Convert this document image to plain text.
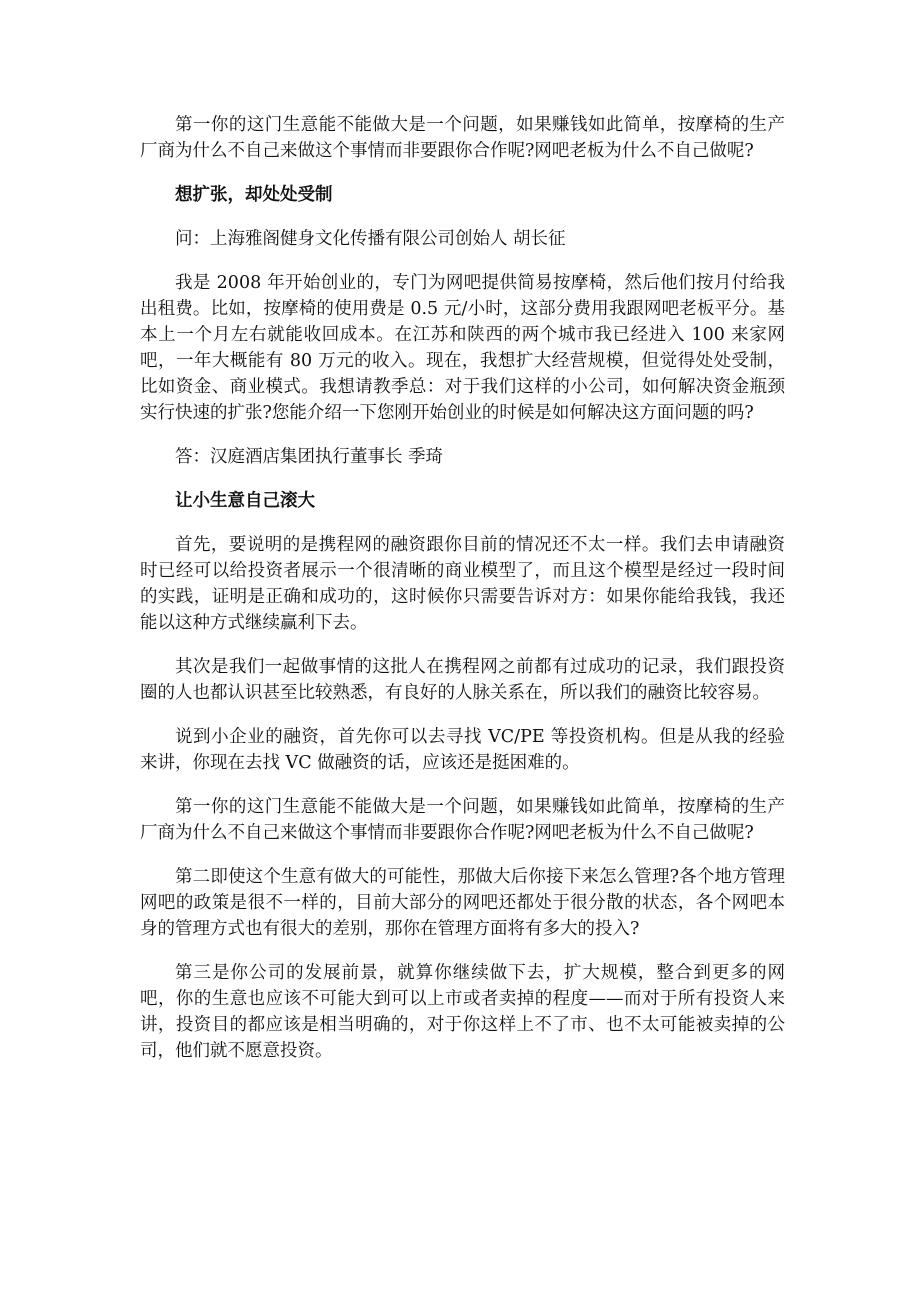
第一你的这门生意能不能做大是一个问题，如果赚钱如此简单，按摩椅的生产厂商为什么不自己来做这个事情而非要跟你合作呢?网吧老板为什么不自己做呢?

想扩张，却处处受制

问：上海雅阁健身文化传播有限公司创始人 胡长征

我是 2008 年开始创业的，专门为网吧提供简易按摩椅，然后他们按月付给我出租费。比如，按摩椅的使用费是 0.5 元/小时，这部分费用我跟网吧老板平分。基本上一个月左右就能收回成本。在江苏和陕西的两个城市我已经进入 100 来家网吧，一年大概能有 80 万元的收入。现在，我想扩大经营规模，但觉得处处受制，比如资金、商业模式。我想请教季总：对于我们这样的小公司，如何解决资金瓶颈实行快速的扩张?您能介绍一下您刚开始创业的时候是如何解决这方面问题的吗?

答：汉庭酒店集团执行董事长 季琦

让小生意自己滚大

首先，要说明的是携程网的融资跟你目前的情况还不太一样。我们去申请融资时已经可以给投资者展示一个很清晰的商业模型了，而且这个模型是经过一段时间的实践，证明是正确和成功的，这时候你只需要告诉对方：如果你能给我钱，我还能以这种方式继续赢利下去。

其次是我们一起做事情的这批人在携程网之前都有过成功的记录，我们跟投资圈的人也都认识甚至比较熟悉，有良好的人脉关系在，所以我们的融资比较容易。

说到小企业的融资，首先你可以去寻找 VC/PE 等投资机构。但是从我的经验来讲，你现在去找 VC 做融资的话，应该还是挺困难的。

第一你的这门生意能不能做大是一个问题，如果赚钱如此简单，按摩椅的生产厂商为什么不自己来做这个事情而非要跟你合作呢?网吧老板为什么不自己做呢?

第二即使这个生意有做大的可能性，那做大后你接下来怎么管理?各个地方管理网吧的政策是很不一样的，目前大部分的网吧还都处于很分散的状态，各个网吧本身的管理方式也有很大的差别，那你在管理方面将有多大的投入?

第三是你公司的发展前景，就算你继续做下去，扩大规模，整合到更多的网吧，你的生意也应该不可能大到可以上市或者卖掉的程度——而对于所有投资人来讲，投资目的都应该是相当明确的，对于你这样上不了市、也不太可能被卖掉的公司，他们就不愿意投资。
